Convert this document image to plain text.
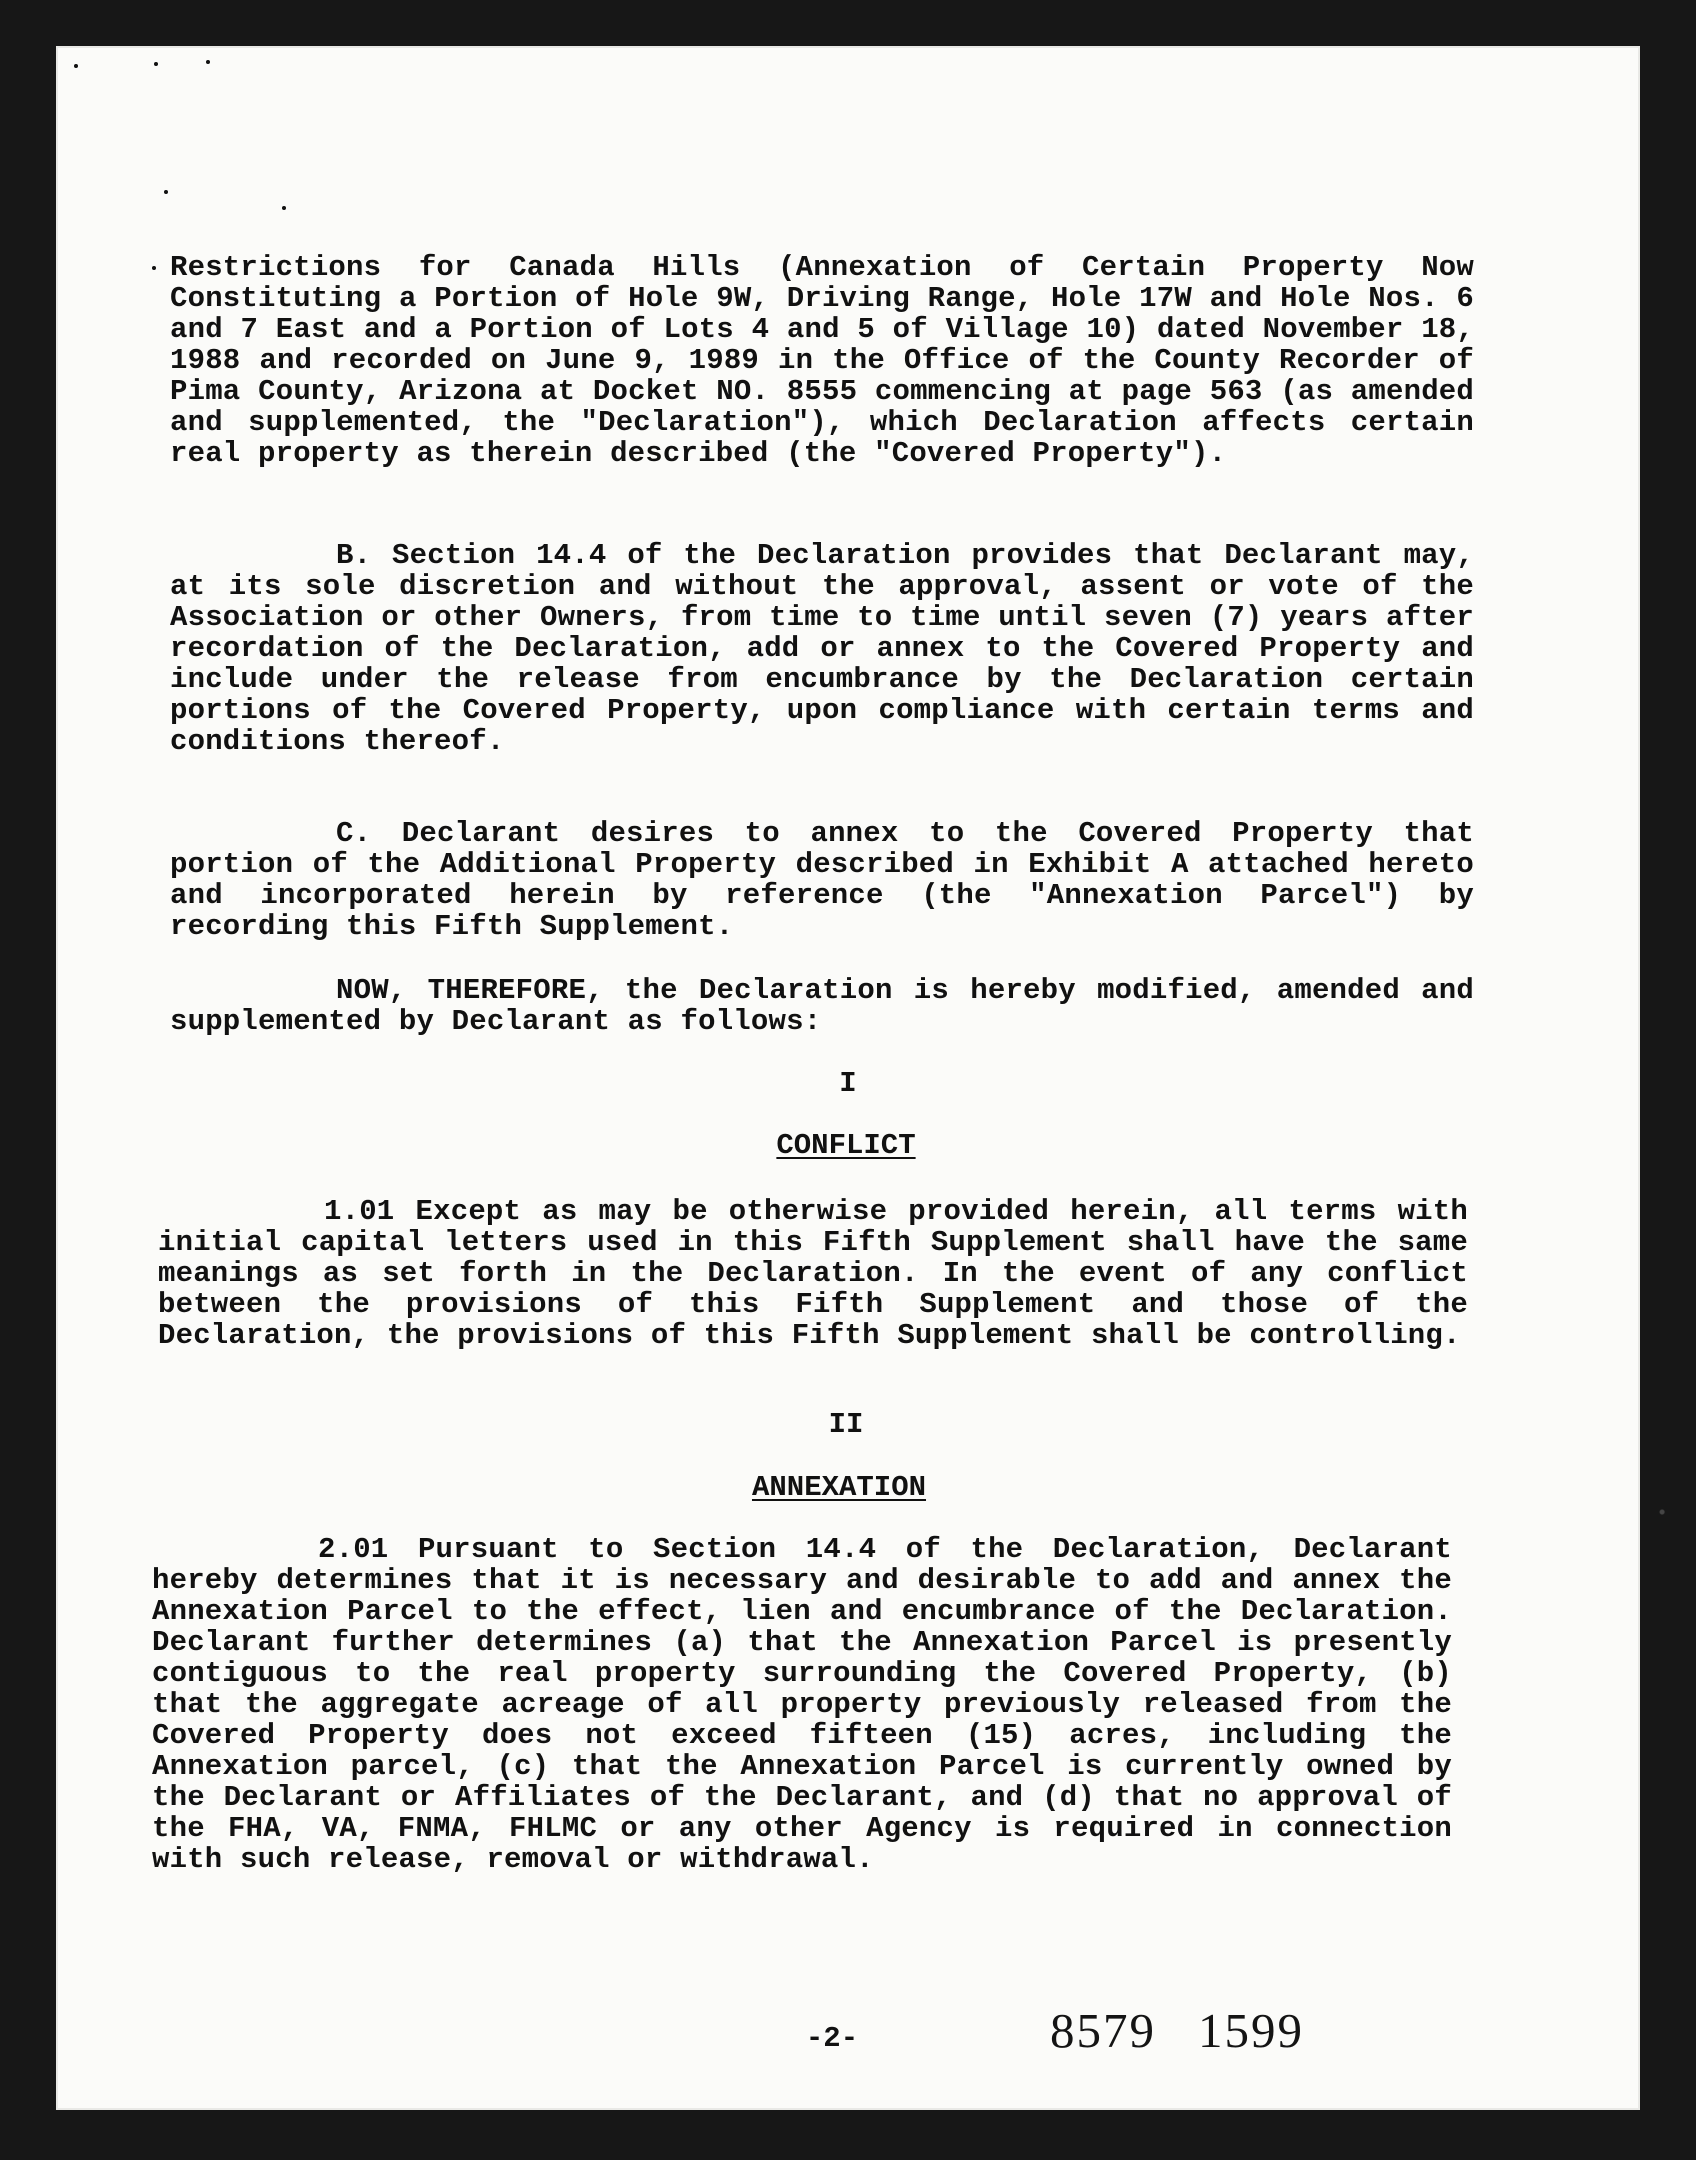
Restrictions for Canada Hills (Annexation of Certain Property Now Constituting a Portion of Hole 9W, Driving Range, Hole 17W and Hole Nos. 6 and 7 East and a Portion of Lots 4 and 5 of Village 10) dated November 18, 1988 and recorded on June 9, 1989 in the Office of the County Recorder of Pima County, Arizona at Docket NO. 8555 commencing at page 563 (as amended and supplemented, the "Declaration"), which Declaration affects certain real property as therein described (the "Covered Property").

B. Section 14.4 of the Declaration provides that Declarant may, at its sole discretion and without the approval, assent or vote of the Association or other Owners, from time to time until seven (7) years after recordation of the Declaration, add or annex to the Covered Property and include under the release from encumbrance by the Declaration certain portions of the Covered Property, upon compliance with certain terms and conditions thereof.

C. Declarant desires to annex to the Covered Property that portion of the Additional Property described in Exhibit A attached hereto and incorporated herein by reference (the "Annexation Parcel") by recording this Fifth Supplement.

NOW, THEREFORE, the Declaration is hereby modified, amended and supplemented by Declarant as follows:

I
CONFLICT

1.01 Except as may be otherwise provided herein, all terms with initial capital letters used in this Fifth Supplement shall have the same meanings as set forth in the Declaration. In the event of any conflict between the provisions of this Fifth Supplement and those of the Declaration, the provisions of this Fifth Supplement shall be controlling.

II
ANNEXATION

2.01 Pursuant to Section 14.4 of the Declaration, Declarant hereby determines that it is necessary and desirable to add and annex the Annexation Parcel to the effect, lien and encumbrance of the Declaration. Declarant further determines (a) that the Annexation Parcel is presently contiguous to the real property surrounding the Covered Property, (b) that the aggregate acreage of all property previously released from the Covered Property does not exceed fifteen (15) acres, including the Annexation parcel, (c) that the Annexation Parcel is currently owned by the Declarant or Affiliates of the Declarant, and (d) that no approval of the FHA, VA, FNMA, FHLMC or any other Agency is required in connection with such release, removal or withdrawal.

-2-	8579 1599
